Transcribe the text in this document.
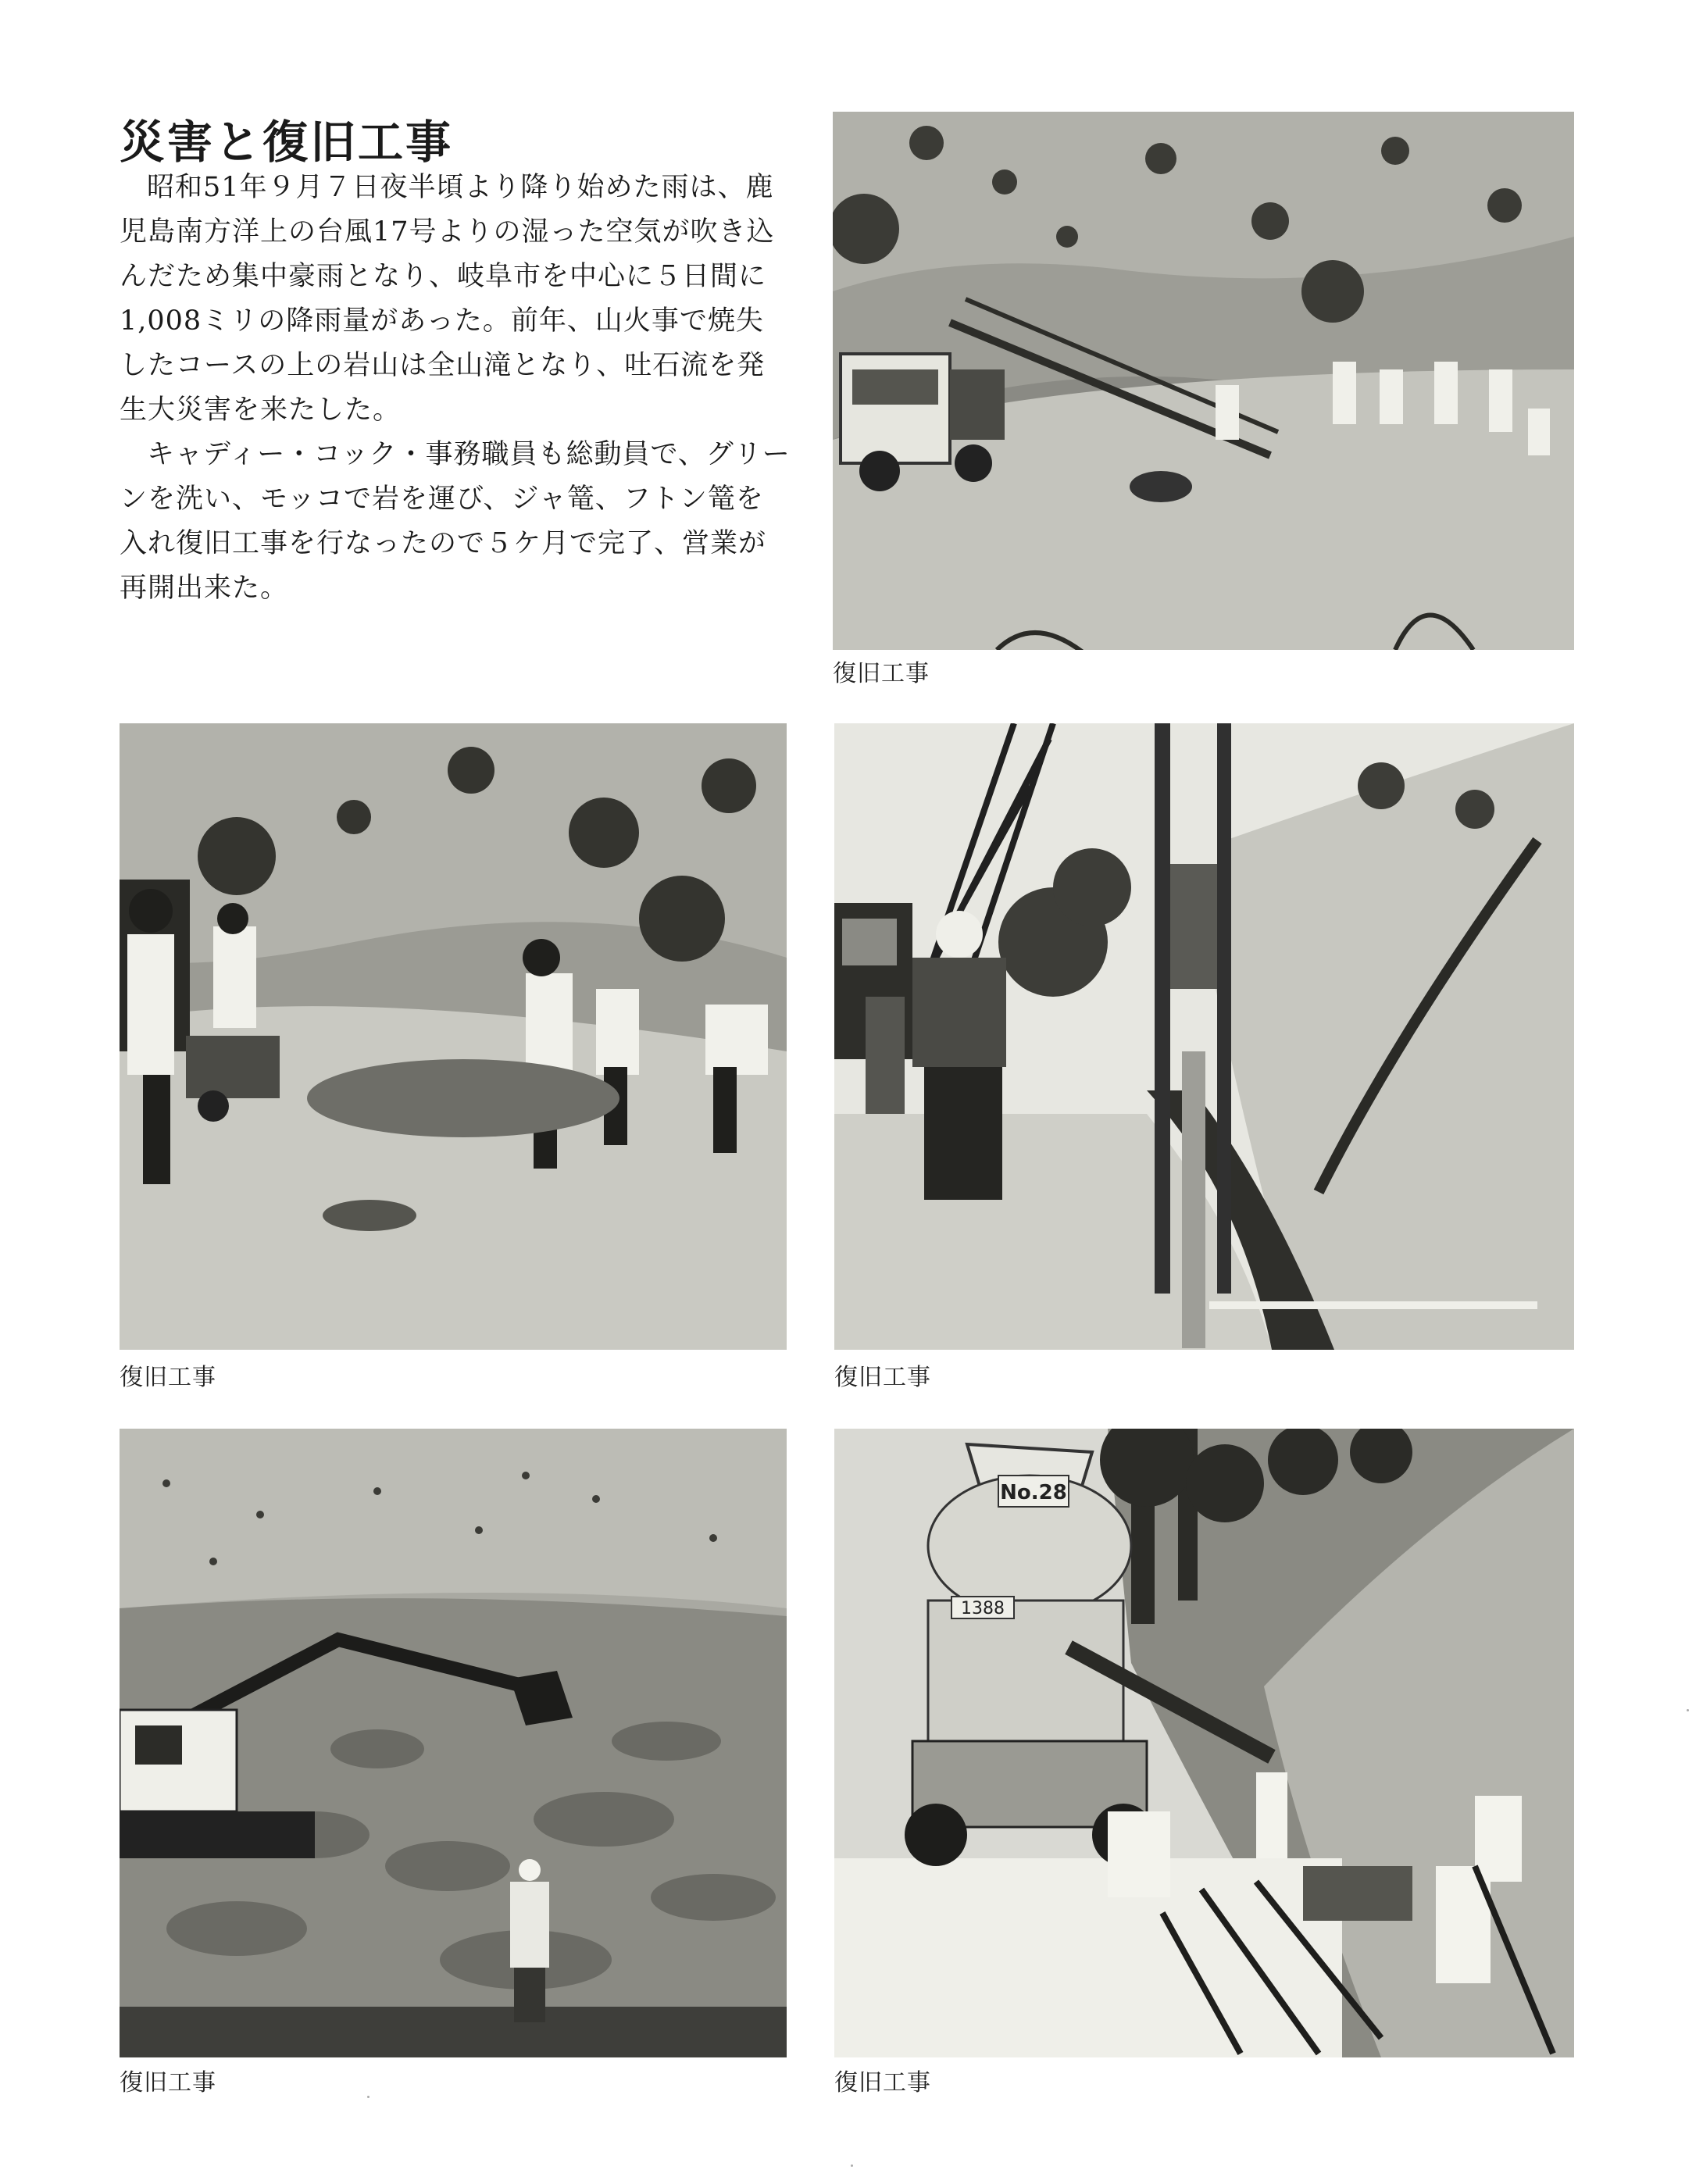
災害と復旧工事

昭和51年９月７日夜半頃より降り始めた雨は、鹿児島南方洋上の台風17号よりの湿った空気が吹き込んだため集中豪雨となり、岐阜市を中心に５日間に1,008ミリの降雨量があった。前年、山火事で焼失したコースの上の岩山は全山滝となり、吐石流を発生大災害を来たした。

キャディー・コック・事務職員も総動員で、グリーンを洗い、モッコで岩を運び、ジャ篭、フトン篭を入れ復旧工事を行なったので５ケ月で完了、営業が再開出来た。

復旧工事
復旧工事	復旧工事
復旧工事
No.28
1388
復旧工事
